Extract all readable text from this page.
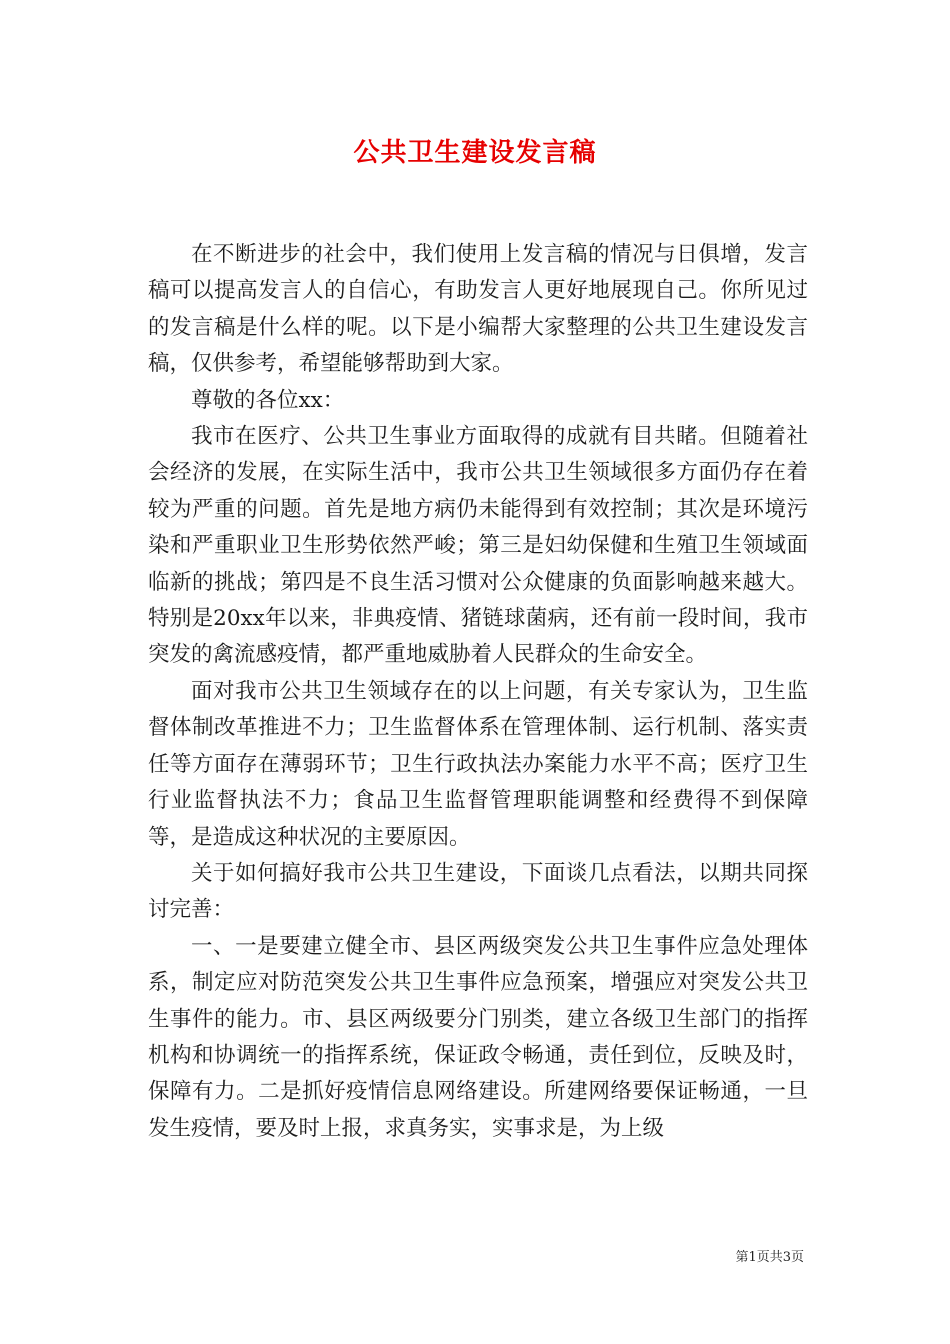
公共卫生建设发言稿

在不断进步的社会中，我们使用上发言稿的情况与日俱增，发言稿可以提高发言人的自信心，有助发言人更好地展现自己。你所见过的发言稿是什么样的呢。以下是小编帮大家整理的公共卫生建设发言稿，仅供参考，希望能够帮助到大家。

尊敬的各位xx：

我市在医疗、公共卫生事业方面取得的成就有目共睹。但随着社会经济的发展，在实际生活中，我市公共卫生领域很多方面仍存在着较为严重的问题。首先是地方病仍未能得到有效控制；其次是环境污染和严重职业卫生形势依然严峻；第三是妇幼保健和生殖卫生领域面临新的挑战；第四是不良生活习惯对公众健康的负面影响越来越大。特别是20xx年以来，非典疫情、猪链球菌病，还有前一段时间，我市突发的禽流感疫情，都严重地威胁着人民群众的生命安全。

面对我市公共卫生领域存在的以上问题，有关专家认为，卫生监督体制改革推进不力；卫生监督体系在管理体制、运行机制、落实责任等方面存在薄弱环节；卫生行政执法办案能力水平不高；医疗卫生行业监督执法不力；食品卫生监督管理职能调整和经费得不到保障等，是造成这种状况的主要原因。

关于如何搞好我市公共卫生建设，下面谈几点看法，以期共同探讨完善：

一、一是要建立健全市、县区两级突发公共卫生事件应急处理体系，制定应对防范突发公共卫生事件应急预案，增强应对突发公共卫生事件的能力。市、县区两级要分门别类，建立各级卫生部门的指挥机构和协调统一的指挥系统，保证政令畅通，责任到位，反映及时，保障有力。二是抓好疫情信息网络建设。所建网络要保证畅通，一旦发生疫情，要及时上报，求真务实，实事求是，为上级

第1页共3页
